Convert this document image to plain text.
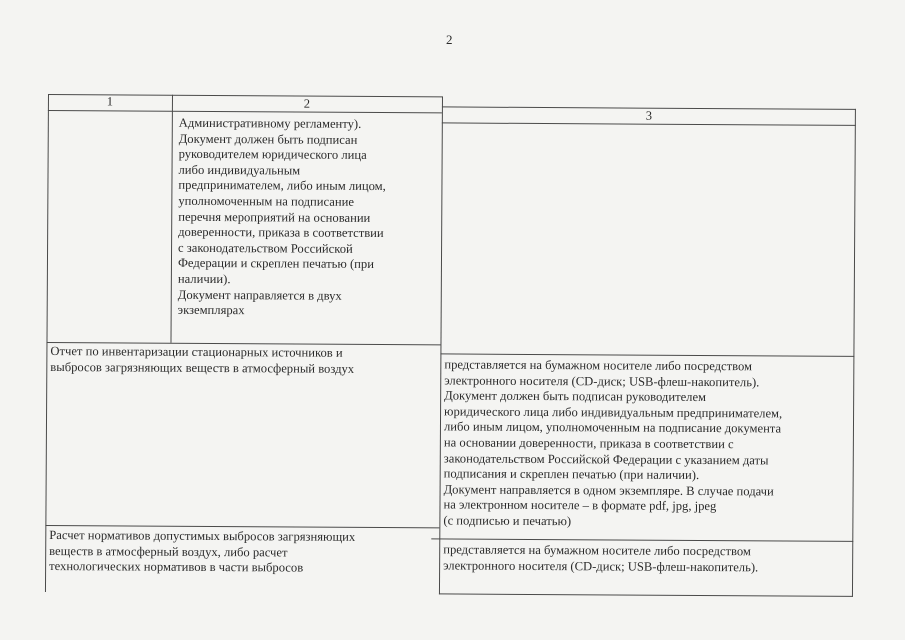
2
1	2
3
Административному регламенту).
Документ должен быть подписан
руководителем юридического лица
либо индивидуальным
предпринимателем, либо иным лицом,
уполномоченным на подписание
перечня мероприятий на основании
доверенности, приказа в соответствии
с законодательством Российской
Федерации и скреплен печатью (при
наличии).
Документ направляется в двух
экземплярах
Отчет по инвентаризации стационарных источников и
выбросов загрязняющих веществ в атмосферный воздух	представляется на бумажном носителе либо посредством
электронного носителя (CD-диск; USB-флеш-накопитель).
Документ должен быть подписан руководителем
юридического лица либо индивидуальным предпринимателем,
либо иным лицом, уполномоченным на подписание документа
на основании доверенности, приказа в соответствии с
законодательством Российской Федерации с указанием даты
подписания и скреплен печатью (при наличии).
Документ направляется в одном экземпляре. В случае подачи
на электронном носителе – в формате pdf, jpg, jpeg
(с подписью и печатью)
Расчет нормативов допустимых выбросов загрязняющих
веществ в атмосферный воздух, либо расчет
технологических нормативов в части выбросов
представляется на бумажном носителе либо посредством
электронного носителя (CD-диск; USB-флеш-накопитель).
